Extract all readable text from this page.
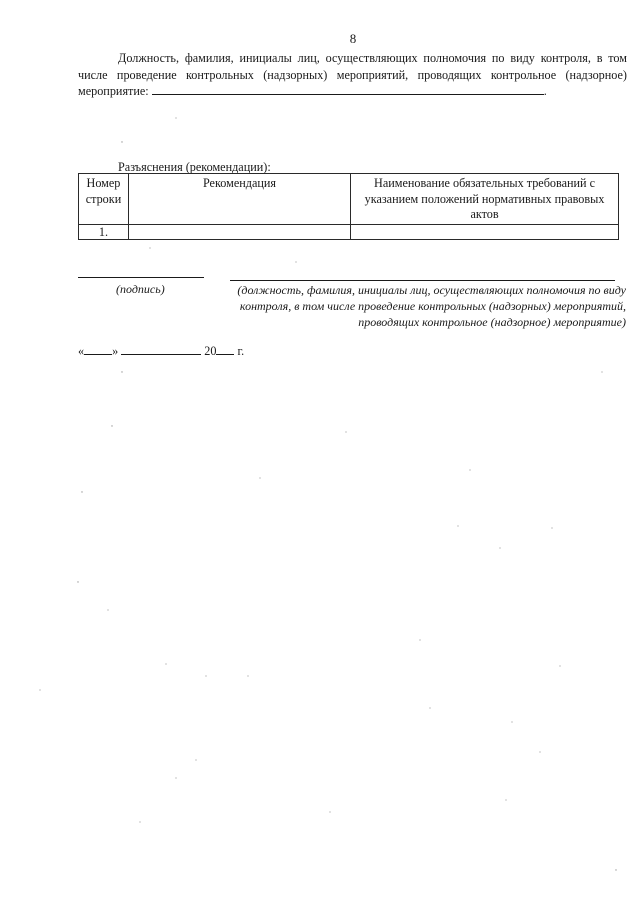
8
Должность, фамилия, инициалы лиц, осуществляющих полномочия по виду контроля, в том числе проведение контрольных (надзорных) мероприятий, проводящих контрольное (надзорное) мероприятие:	.
Разъяснения (рекомендации):
Номер строки	Рекомендация	Наименование обязательных требований с указанием положений нормативных правовых актов
1.		
(подпись)	(должность, фамилия, инициалы лиц, осуществляющих полномочия по виду контроля, в том числе проведение контрольных (надзорных) мероприятий, проводящих контрольное (надзорное) мероприятие)
« »	20 г.
